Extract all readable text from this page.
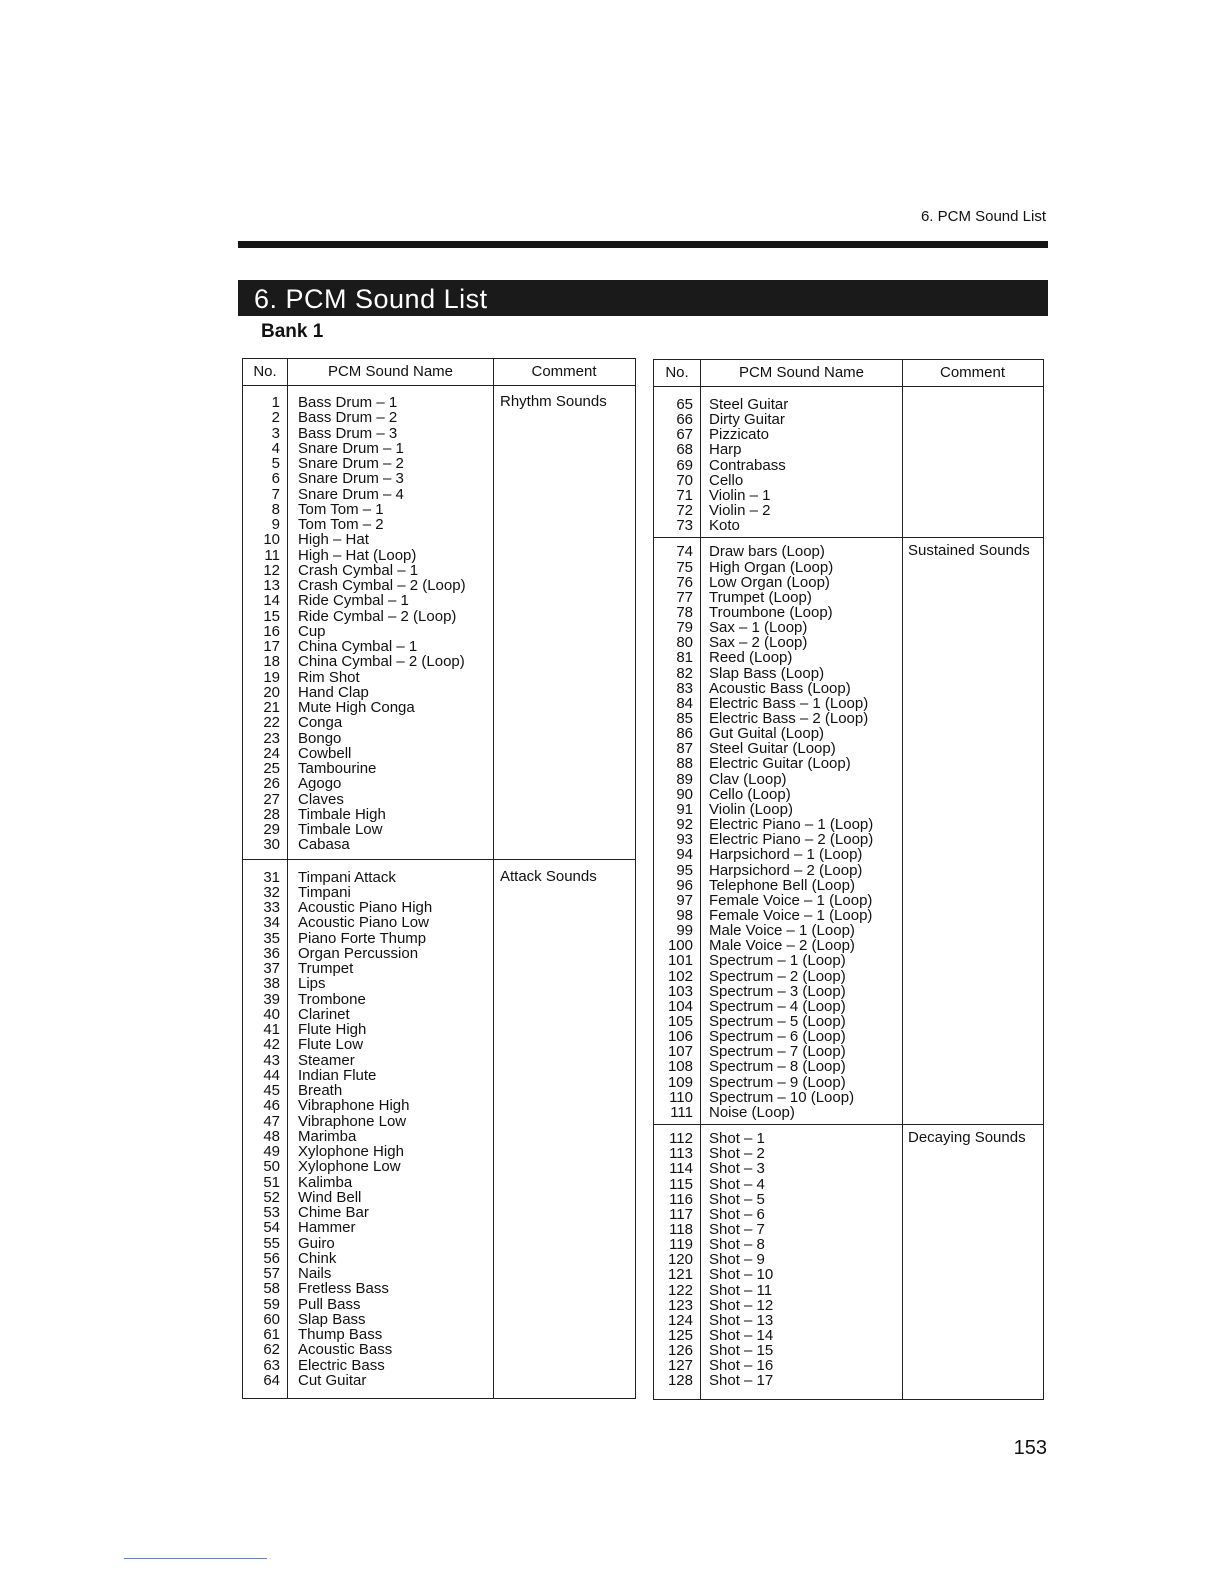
6. PCM Sound List
6. PCM Sound List
Bank 1
No.	PCM Sound Name	Comment
Rhythm Sounds
1 Bass Drum – 1
2 Bass Drum – 2
3 Bass Drum – 3
4 Snare Drum – 1
5 Snare Drum – 2
6 Snare Drum – 3
7 Snare Drum – 4
8 Tom Tom – 1
9 Tom Tom – 2
10 High – Hat
11 High – Hat (Loop)
12 Crash Cymbal – 1
13 Crash Cymbal – 2 (Loop)
14 Ride Cymbal – 1
15 Ride Cymbal – 2 (Loop)
16 Cup
17 China Cymbal – 1
18 China Cymbal – 2 (Loop)
19 Rim Shot
20 Hand Clap
21 Mute High Conga
22 Conga
23 Bongo
24 Cowbell
25 Tambourine
26 Agogo
27 Claves
28 Timbale High
29 Timbale Low
30 Cabasa
Attack Sounds
31 Timpani Attack
32 Timpani
33 Acoustic Piano High
34 Acoustic Piano Low
35 Piano Forte Thump
36 Organ Percussion
37 Trumpet
38 Lips
39 Trombone
40 Clarinet
41 Flute High
42 Flute Low
43 Steamer
44 Indian Flute
45 Breath
46 Vibraphone High
47 Vibraphone Low
48 Marimba
49 Xylophone High
50 Xylophone Low
51 Kalimba
52 Wind Bell
53 Chime Bar
54 Hammer
55 Guiro
56 Chink
57 Nails
58 Fretless Bass
59 Pull Bass
60 Slap Bass
61 Thump Bass
62 Acoustic Bass
63 Electric Bass
64 Cut Guitar
No.	PCM Sound Name	Comment
65 Steel Guitar
66 Dirty Guitar
67 Pizzicato
68 Harp
69 Contrabass
70 Cello
71 Violin – 1
72 Violin – 2
73 Koto
Sustained Sounds
74 Draw bars (Loop)
75 High Organ (Loop)
76 Low Organ (Loop)
77 Trumpet (Loop)
78 Troumbone (Loop)
79 Sax – 1 (Loop)
80 Sax – 2 (Loop)
81 Reed (Loop)
82 Slap Bass (Loop)
83 Acoustic Bass (Loop)
84 Electric Bass – 1 (Loop)
85 Electric Bass – 2 (Loop)
86 Gut Guital (Loop)
87 Steel Guitar (Loop)
88 Electric Guitar (Loop)
89 Clav (Loop)
90 Cello (Loop)
91 Violin (Loop)
92 Electric Piano – 1 (Loop)
93 Electric Piano – 2 (Loop)
94 Harpsichord – 1 (Loop)
95 Harpsichord – 2 (Loop)
96 Telephone Bell (Loop)
97 Female Voice – 1 (Loop)
98 Female Voice – 1 (Loop)
99 Male Voice – 1 (Loop)
100 Male Voice – 2 (Loop)
101 Spectrum – 1 (Loop)
102 Spectrum – 2 (Loop)
103 Spectrum – 3 (Loop)
104 Spectrum – 4 (Loop)
105 Spectrum – 5 (Loop)
106 Spectrum – 6 (Loop)
107 Spectrum – 7 (Loop)
108 Spectrum – 8 (Loop)
109 Spectrum – 9 (Loop)
110 Spectrum – 10 (Loop)
111 Noise (Loop)
Decaying Sounds
112 Shot – 1
113 Shot – 2
114 Shot – 3
115 Shot – 4
116 Shot – 5
117 Shot – 6
118 Shot – 7
119 Shot – 8
120 Shot – 9
121 Shot – 10
122 Shot – 11
123 Shot – 12
124 Shot – 13
125 Shot – 14
126 Shot – 15
127 Shot – 16
128 Shot – 17
153
